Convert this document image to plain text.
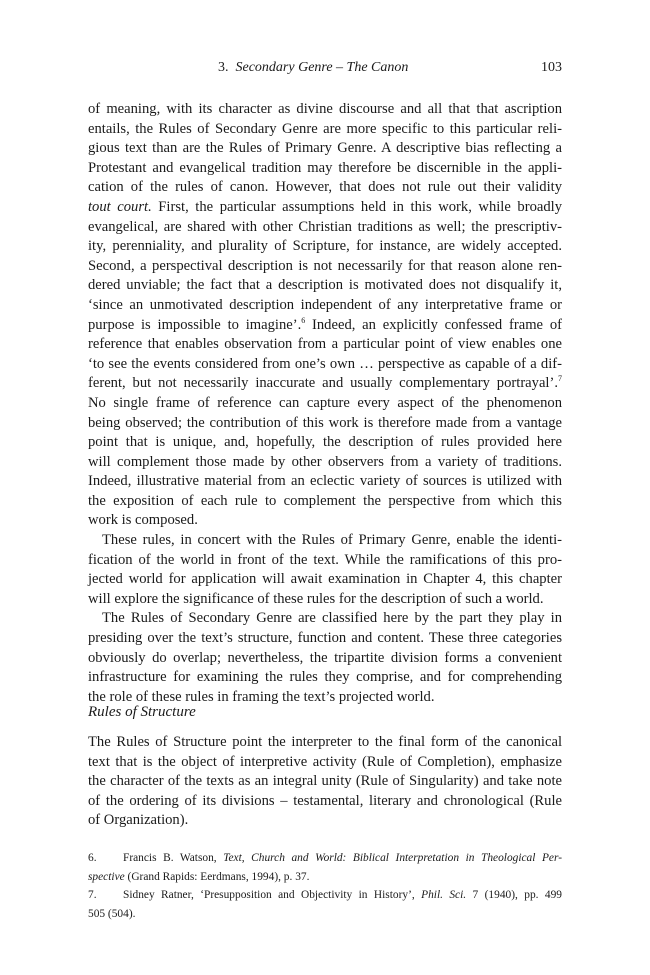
3. Secondary Genre – The Canon	103

of meaning, with its character as divine discourse and all that that ascription

entails, the Rules of Secondary Genre are more specific to this particular reli-

gious text than are the Rules of Primary Genre. A descriptive bias reflecting a

Protestant and evangelical tradition may therefore be discernible in the appli-

cation of the rules of canon. However, that does not rule out their validity

tout court. First, the particular assumptions held in this work, while broadly

evangelical, are shared with other Christian traditions as well; the prescriptiv-

ity, perenniality, and plurality of Scripture, for instance, are widely accepted.

Second, a perspectival description is not necessarily for that reason alone ren-

dered unviable; the fact that a description is motivated does not disqualify it,

‘since an unmotivated description independent of any interpretative frame or

purpose is impossible to imagine’.$^6$ Indeed, an explicitly confessed frame of

reference that enables observation from a particular point of view enables one

‘to see the events considered from one’s own … perspective as capable of a dif-

ferent, but not necessarily inaccurate and usually complementary portrayal’.$^7$

No single frame of reference can capture every aspect of the phenomenon

being observed; the contribution of this work is therefore made from a vantage

point that is unique, and, hopefully, the description of rules provided here

will complement those made by other observers from a variety of traditions.

Indeed, illustrative material from an eclectic variety of sources is utilized with

the exposition of each rule to complement the perspective from which this

work is composed.

These rules, in concert with the Rules of Primary Genre, enable the identi-

fication of the world in front of the text. While the ramifications of this pro-

jected world for application will await examination in Chapter 4, this chapter

will explore the significance of these rules for the description of such a world.

The Rules of Secondary Genre are classified here by the part they play in

presiding over the text’s structure, function and content. These three categories

obviously do overlap; nevertheless, the tripartite division forms a convenient

infrastructure for examining the rules they comprise, and for comprehending

the role of these rules in framing the text’s projected world.

Rules of Structure

The Rules of Structure point the interpreter to the final form of the canonical

text that is the object of interpretive activity (Rule of Completion), emphasize

the character of the texts as an integral unity (Rule of Singularity) and take note

of the ordering of its divisions – testamental, literary and chronological (Rule

of Organization).

6. Francis B. Watson, Text, Church and World: Biblical Interpretation in Theological Per-

spective (Grand Rapids: Eerdmans, 1994), p. 37.

7. Sidney Ratner, ‘Presupposition and Objectivity in History’, Phil. Sci. 7 (1940), pp. 499

505 (504).
